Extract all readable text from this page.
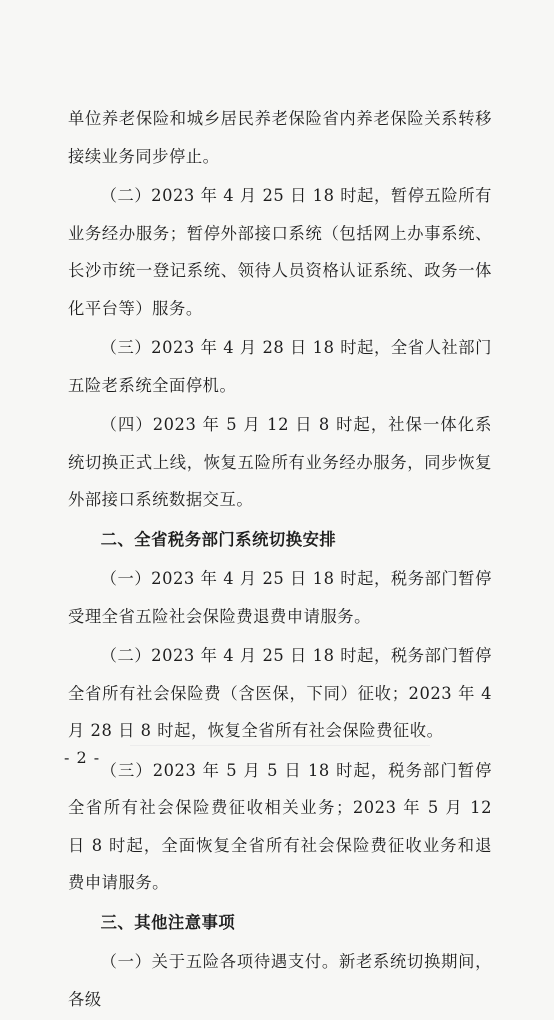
单位养老保险和城乡居民养老保险省内养老保险关系转移接续业务同步停止。

（二）2023 年 4 月 25 日 18 时起，暂停五险所有业务经办服务；暂停外部接口系统（包括网上办事系统、长沙市统一登记系统、领待人员资格认证系统、政务一体化平台等）服务。

（三）2023 年 4 月 28 日 18 时起，全省人社部门五险老系统全面停机。

（四）2023 年 5 月 12 日 8 时起，社保一体化系统切换正式上线，恢复五险所有业务经办服务，同步恢复外部接口系统数据交互。

二、全省税务部门系统切换安排

（一）2023 年 4 月 25 日 18 时起，税务部门暂停受理全省五险社会保险费退费申请服务。

（二）2023 年 4 月 25 日 18 时起，税务部门暂停全省所有社会保险费（含医保，下同）征收；2023 年 4 月 28 日 8 时起，恢复全省所有社会保险费征收。

（三）2023 年 5 月 5 日 18 时起，税务部门暂停全省所有社会保险费征收相关业务；2023 年 5 月 12 日 8 时起，全面恢复全省所有社会保险费征收业务和退费申请服务。

三、其他注意事项

（一）关于五险各项待遇支付。新老系统切换期间，各级

- 2 -
